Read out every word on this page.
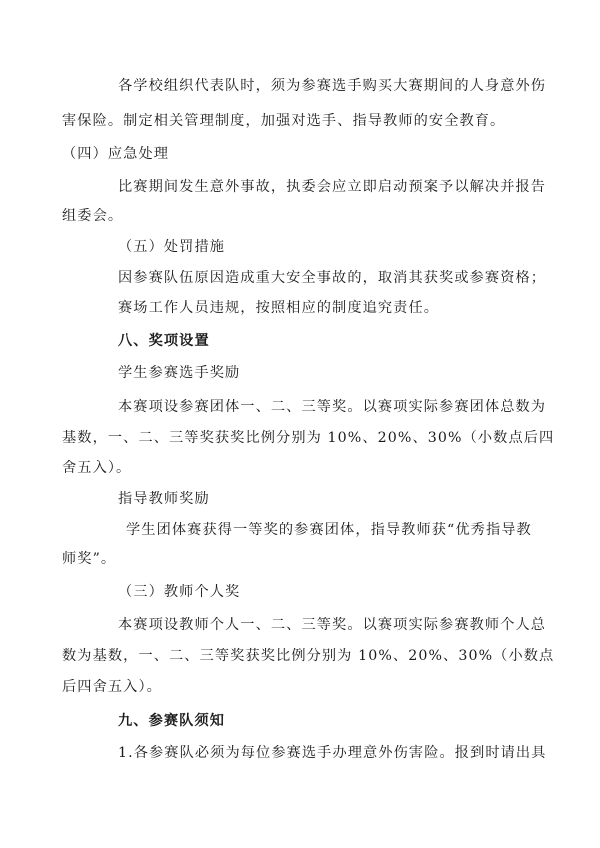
各学校组织代表队时，须为参赛选手购买大赛期间的人身意外伤
害保险。制定相关管理制度，加强对选手、指导教师的安全教育。
（四）应急处理
比赛期间发生意外事故，执委会应立即启动预案予以解决并报告
组委会。
（五）处罚措施
因参赛队伍原因造成重大安全事故的，取消其获奖或参赛资格；
赛场工作人员违规，按照相应的制度追究责任。
八、奖项设置
学生参赛选手奖励
本赛项设参赛团体一、二、三等奖。以赛项实际参赛团体总数为
基数，一、二、三等奖获奖比例分别为 10%、20%、30%（小数点后四
舍五入）。
指导教师奖励
学生团体赛获得一等奖的参赛团体，指导教师获“优秀指导教
师奖”。
（三）教师个人奖
本赛项设教师个人一、二、三等奖。以赛项实际参赛教师个人总
数为基数，一、二、三等奖获奖比例分别为 10%、20%、30%（小数点
后四舍五入）。
九、参赛队须知
1.各参赛队必须为每位参赛选手办理意外伤害险。报到时请出具
